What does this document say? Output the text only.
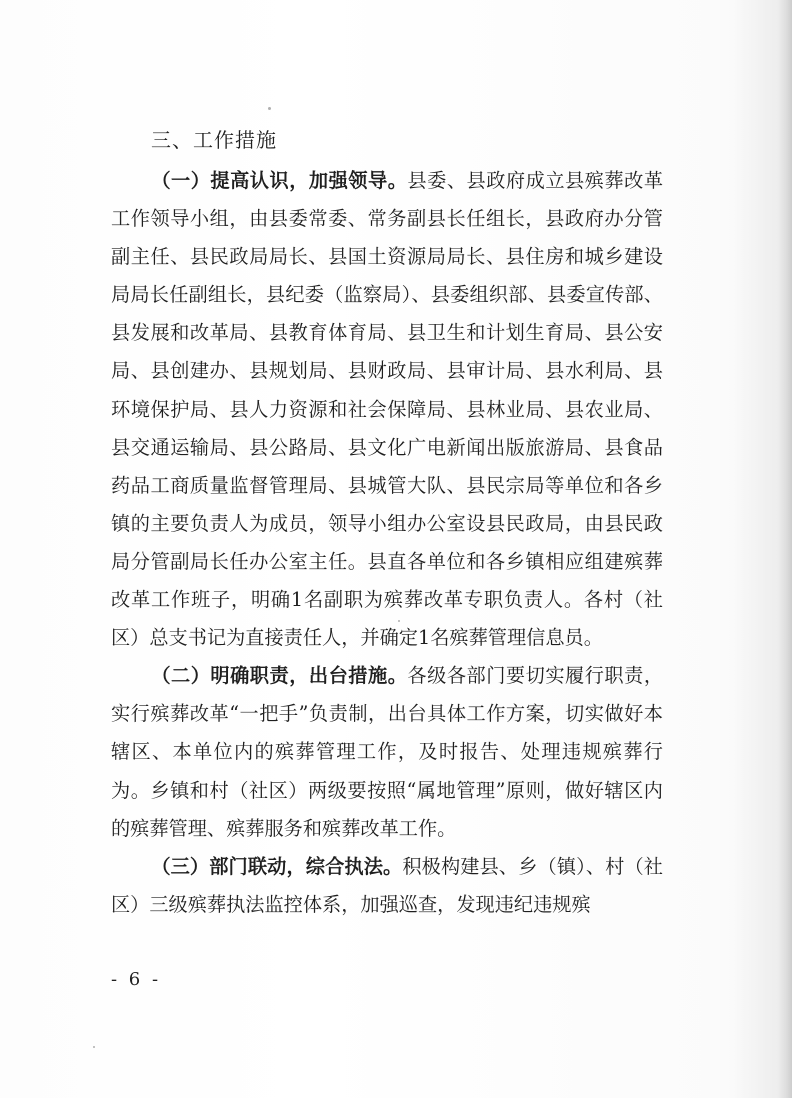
三、工作措施

（一）提高认识，加强领导。县委、县政府成立县殡葬改革工作领导小组，由县委常委、常务副县长任组长，县政府办分管副主任、县民政局局长、县国土资源局局长、县住房和城乡建设局局长任副组长，县纪委（监察局）、县委组织部、县委宣传部、县发展和改革局、县教育体育局、县卫生和计划生育局、县公安局、县创建办、县规划局、县财政局、县审计局、县水利局、县环境保护局、县人力资源和社会保障局、县林业局、县农业局、县交通运输局、县公路局、县文化广电新闻出版旅游局、县食品药品工商质量监督管理局、县城管大队、县民宗局等单位和各乡镇的主要负责人为成员，领导小组办公室设县民政局，由县民政局分管副局长任办公室主任。县直各单位和各乡镇相应组建殡葬改革工作班子，明确1名副职为殡葬改革专职负责人。各村（社区）总支书记为直接责任人，并确定1名殡葬管理信息员。

（二）明确职责，出台措施。各级各部门要切实履行职责，实行殡葬改革“一把手”负责制，出台具体工作方案，切实做好本辖区、本单位内的殡葬管理工作，及时报告、处理违规殡葬行为。乡镇和村（社区）两级要按照“属地管理”原则，做好辖区内的殡葬管理、殡葬服务和殡葬改革工作。

（三）部门联动，综合执法。积极构建县、乡（镇）、村（社区）三级殡葬执法监控体系，加强巡查，发现违纪违规殡

- 6 -
